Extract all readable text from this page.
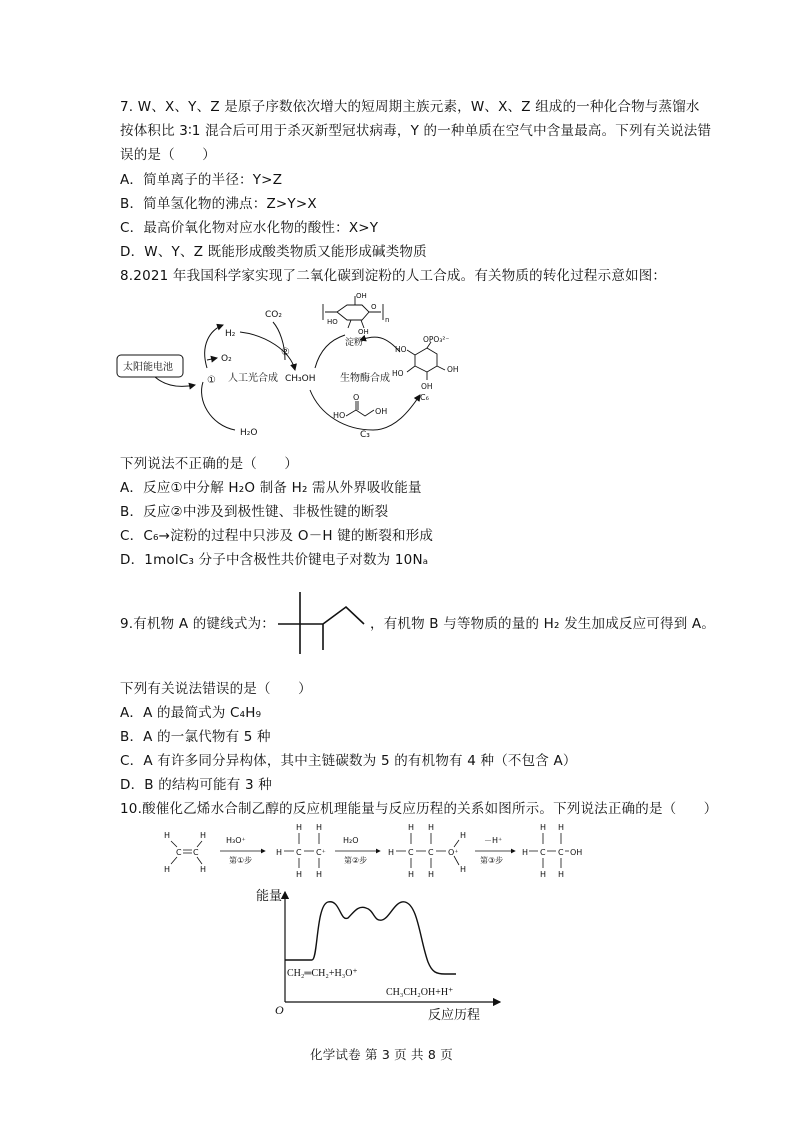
7. W、X、Y、Z 是原子序数依次增大的短周期主族元素，W、X、Z 组成的一种化合物与蒸馏水
按体积比 3∶1 混合后可用于杀灭新型冠状病毒，Y 的一种单质在空气中含量最高。下列有关说法错
误的是（　　）
A．简单离子的半径：Y>Z
B．简单氢化物的沸点：Z>Y>X
C．最高价氧化物对应水化物的酸性：X>Y
D．W、Y、Z 既能形成酸类物质又能形成碱类物质
8.2021 年我国科学家实现了二氧化碳到淀粉的人工合成。有关物质的转化过程示意如图：
太阳能电池
H₂
O₂
H₂O
① 人工光合成
CO₂
②
CH₃OH 生物酶合成
HO
O
OH
C₃
OH
O
HO
OH
n
淀粉	OPO₃²⁻
HO
HO	OH
OH
C₆
下列说法不正确的是（　　）
A．反应①中分解 H₂O 制备 H₂ 需从外界吸收能量
B．反应②中涉及到极性键、非极性键的断裂
C．C₆→淀粉的过程中只涉及 O－H 键的断裂和形成
D．1molC₃ 分子中含极性共价键电子对数为 10Nₐ
9.有机物 A 的键线式为：	，有机物 B 与等物质的量的 H₂ 发生加成反应可得到 A。
下列有关说法错误的是（　　）
A．A 的最简式为 C₄H₉
B．A 的一氯代物有 5 种
C．A 有许多同分异构体，其中主链碳数为 5 的有机物有 4 种（不包含 A）
D．B 的结构可能有 3 种
10.酸催化乙烯水合制乙醇的反应机理能量与反应历程的关系如图所示。下列说法正确的是（　　）
H	H
H	H
C C
H₃O⁺
第①步
H C C⁺
H H
H H
H₂O
第②步
H C C O⁺
H H
H
H H
H
－H⁺
第③步
H C C OH
H H
H H
能量
O
CH₂═CH₂+H₃O⁺
CH₃CH₂OH+H⁺
反应历程
化学试卷 第 3 页 共 8 页
